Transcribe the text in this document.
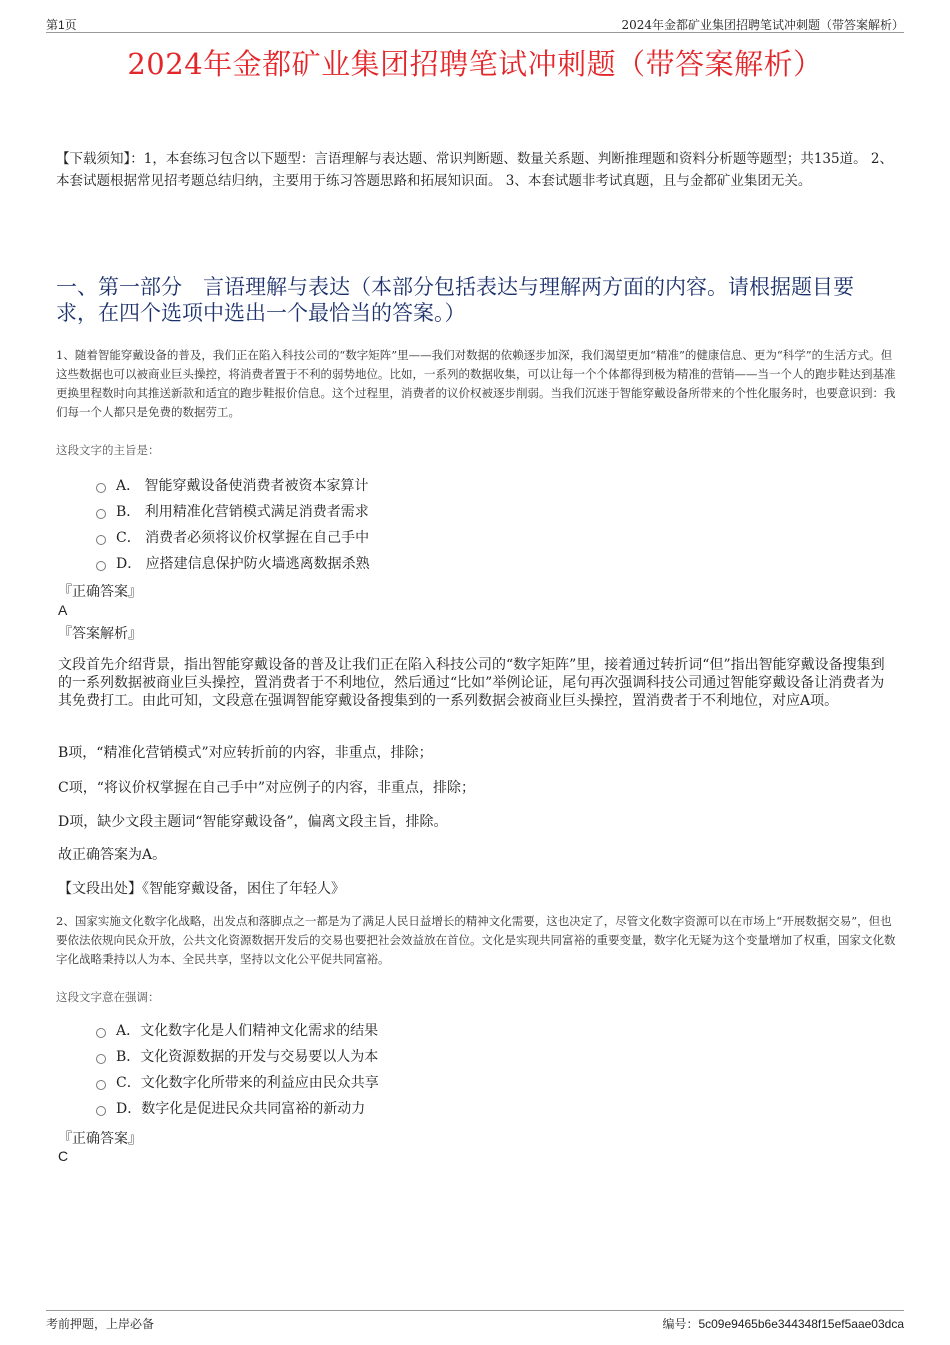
第1页	2024年金都矿业集团招聘笔试冲刺题（带答案解析）
2024年金都矿业集团招聘笔试冲刺题（带答案解析）
【下载须知】：1，本套练习包含以下题型：言语理解与表达题、常识判断题、数量关系题、判断推理题和资料分析题等题型；共135道。 2、本套试题根据常见招考题总结归纳，主要用于练习答题思路和拓展知识面。 3、本套试题非考试真题，且与金都矿业集团无关。
一、第一部分　言语理解与表达（本部分包括表达与理解两方面的内容。请根据题目要求，在四个选项中选出一个最恰当的答案。）
1、随着智能穿戴设备的普及，我们正在陷入科技公司的“数字矩阵”里——我们对数据的依赖逐步加深，我们渴望更加“精准”的健康信息、更为“科学”的生活方式。但这些数据也可以被商业巨头操控，将消费者置于不利的弱势地位。比如，一系列的数据收集，可以让每一个个体都得到极为精准的营销——当一个人的跑步鞋达到基准更换里程数时向其推送新款和适宜的跑步鞋报价信息。这个过程里，消费者的议价权被逐步削弱。当我们沉迷于智能穿戴设备所带来的个性化服务时，也要意识到：我们每一个人都只是免费的数据劳工。
这段文字的主旨是：
A． 智能穿戴设备使消费者被资本家算计
B． 利用精准化营销模式满足消费者需求
C． 消费者必须将议价权掌握在自己手中
D． 应搭建信息保护防火墙逃离数据杀熟
『正确答案』
A
『答案解析』
文段首先介绍背景，指出智能穿戴设备的普及让我们正在陷入科技公司的“数字矩阵”里，接着通过转折词“但”指出智能穿戴设备搜集到的一系列数据被商业巨头操控，置消费者于不利地位，然后通过“比如”举例论证，尾句再次强调科技公司通过智能穿戴设备让消费者为其免费打工。由此可知，文段意在强调智能穿戴设备搜集到的一系列数据会被商业巨头操控，置消费者于不利地位，对应A项。
B项，“精准化营销模式”对应转折前的内容，非重点，排除；
C项，“将议价权掌握在自己手中”对应例子的内容，非重点，排除；
D项，缺少文段主题词“智能穿戴设备”，偏离文段主旨，排除。
故正确答案为A。
【文段出处】《智能穿戴设备，困住了年轻人》
2、国家实施文化数字化战略，出发点和落脚点之一都是为了满足人民日益增长的精神文化需要，这也决定了，尽管文化数字资源可以在市场上“开展数据交易”，但也要依法依规向民众开放，公共文化资源数据开发后的交易也要把社会效益放在首位。文化是实现共同富裕的重要变量，数字化无疑为这个变量增加了权重，国家文化数字化战略秉持以人为本、全民共享，坚持以文化公平促共同富裕。
这段文字意在强调：
A．文化数字化是人们精神文化需求的结果
B．文化资源数据的开发与交易要以人为本
C．文化数字化所带来的利益应由民众共享
D．数字化是促进民众共同富裕的新动力
『正确答案』
C
考前押题，上岸必备	编号：5c09e9465b6e344348f15ef5aae03dca
